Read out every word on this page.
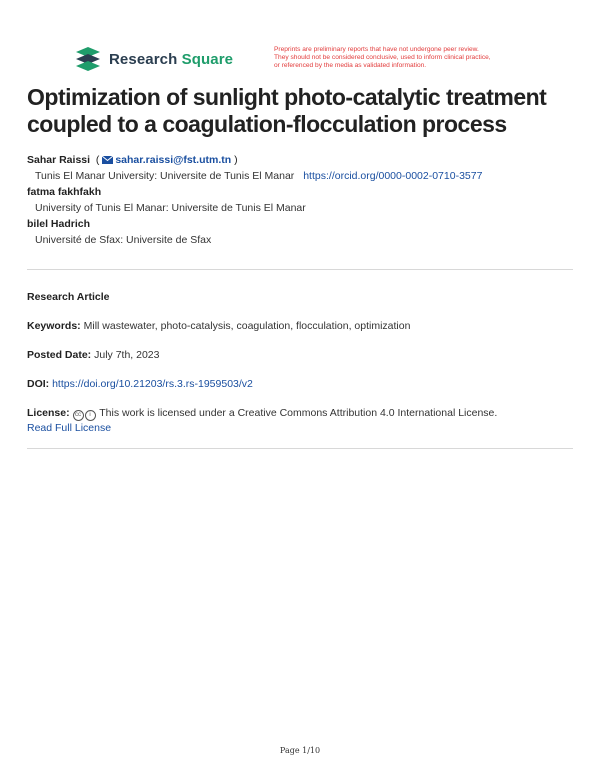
Research Square
Preprints are preliminary reports that have not undergone peer review.
They should not be considered conclusive, used to inform clinical practice,
or referenced by the media as validated information.
Optimization of sunlight photo-catalytic treatment coupled to a coagulation-flocculation process
Sahar Raissi  ( sahar.raissi@fst.utm.tn )
Tunis El Manar University: Universite de Tunis El Manar https://orcid.org/0000-0002-0710-3577
fatma fakhfakh
University of Tunis El Manar: Universite de Tunis El Manar
bilel Hadrich
Université de Sfax: Universite de Sfax
Research Article
Keywords: Mill wastewater, photo-catalysis, coagulation, flocculation, optimization
Posted Date: July 7th, 2023
DOI: https://doi.org/10.21203/rs.3.rs-1959503/v2
License: cc i This work is licensed under a Creative Commons Attribution 4.0 International License.
Read Full License
Page 1/10
